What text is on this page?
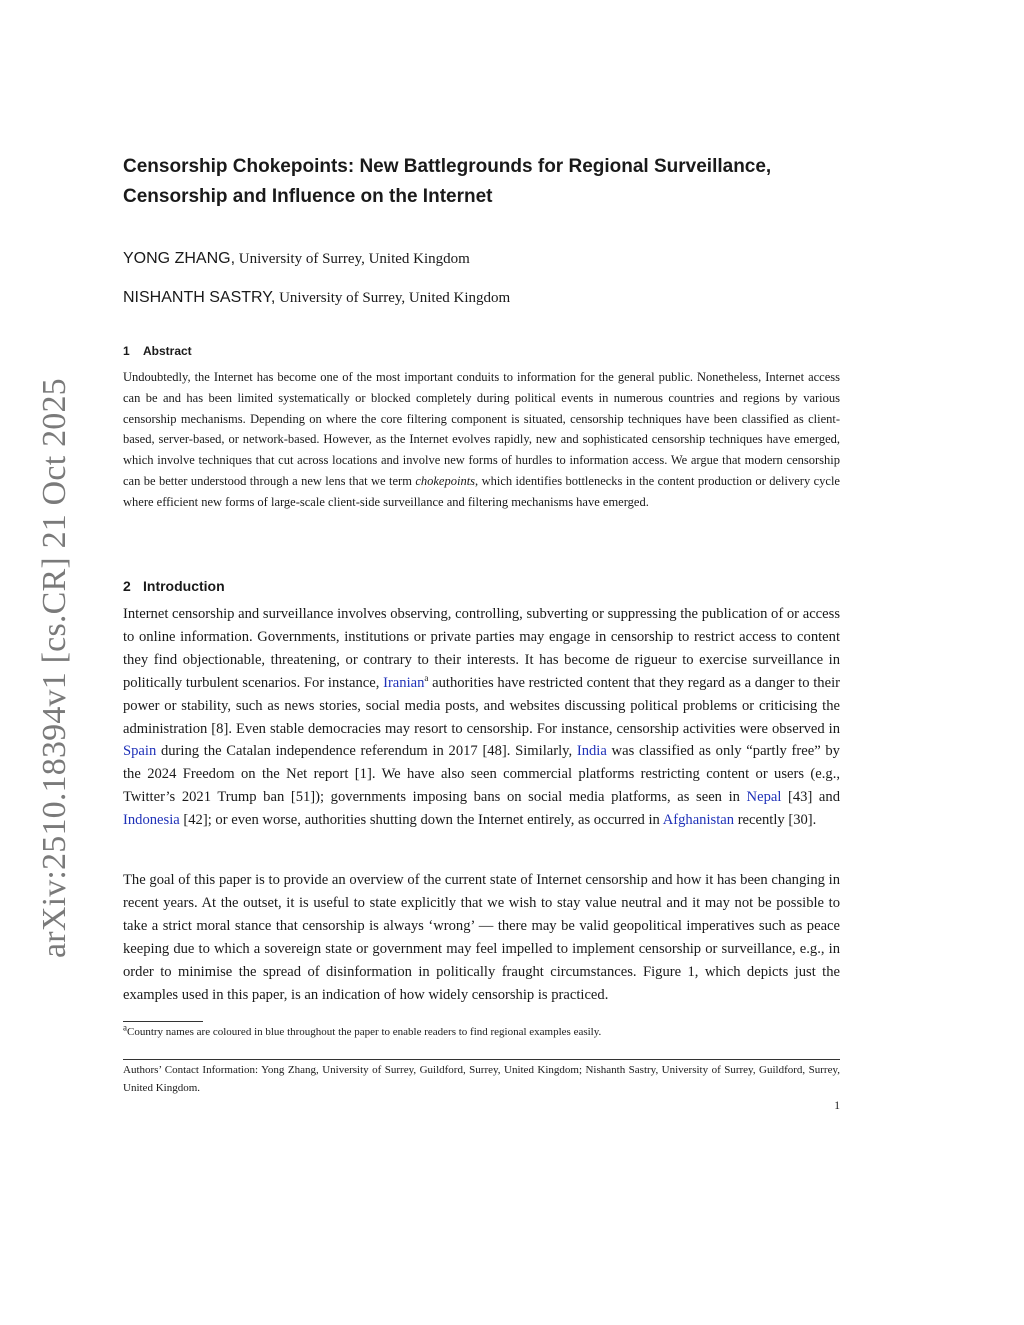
arXiv:2510.18394v1 [cs.CR] 21 Oct 2025
Censorship Chokepoints: New Battlegrounds for Regional Surveillance, Censorship and Influence on the Internet
YONG ZHANG, University of Surrey, United Kingdom
NISHANTH SASTRY, University of Surrey, United Kingdom
1 Abstract
Undoubtedly, the Internet has become one of the most important conduits to information for the general public. Nonetheless, Internet access can be and has been limited systematically or blocked completely during political events in numerous countries and regions by various censorship mechanisms. Depending on where the core filtering component is situated, censorship techniques have been classified as client-based, server-based, or network-based. However, as the Internet evolves rapidly, new and sophisticated censorship techniques have emerged, which involve techniques that cut across locations and involve new forms of hurdles to information access. We argue that modern censorship can be better understood through a new lens that we term chokepoints, which identifies bottlenecks in the content production or delivery cycle where efficient new forms of large-scale client-side surveillance and filtering mechanisms have emerged.
2 Introduction
Internet censorship and surveillance involves observing, controlling, subverting or suppressing the publication of or access to online information. Governments, institutions or private parties may engage in censorship to restrict access to content they find objectionable, threatening, or contrary to their interests. It has become de rigueur to exercise surveillance in politically turbulent scenarios. For instance, Iranian$^a$ authorities have restricted content that they regard as a danger to their power or stability, such as news stories, social media posts, and websites discussing political problems or criticising the administration [8]. Even stable democracies may resort to censorship. For instance, censorship activities were observed in Spain during the Catalan independence referendum in 2017 [48]. Similarly, India was classified as only “partly free” by the 2024 Freedom on the Net report [1]. We have also seen commercial platforms restricting content or users (e.g., Twitter’s 2021 Trump ban [51]); governments imposing bans on social media platforms, as seen in Nepal [43] and Indonesia [42]; or even worse, authorities shutting down the Internet entirely, as occurred in Afghanistan recently [30].
The goal of this paper is to provide an overview of the current state of Internet censorship and how it has been changing in recent years. At the outset, it is useful to state explicitly that we wish to stay value neutral and it may not be possible to take a strict moral stance that censorship is always ‘wrong’ — there may be valid geopolitical imperatives such as peace keeping due to which a sovereign state or government may feel impelled to implement censorship or surveillance, e.g., in order to minimise the spread of disinformation in politically fraught circumstances. Figure 1, which depicts just the examples used in this paper, is an indication of how widely censorship is practiced.
$^a$Country names are coloured in blue throughout the paper to enable readers to find regional examples easily.
Authors’ Contact Information: Yong Zhang, University of Surrey, Guildford, Surrey, United Kingdom; Nishanth Sastry, University of Surrey, Guildford, Surrey, United Kingdom.
1
